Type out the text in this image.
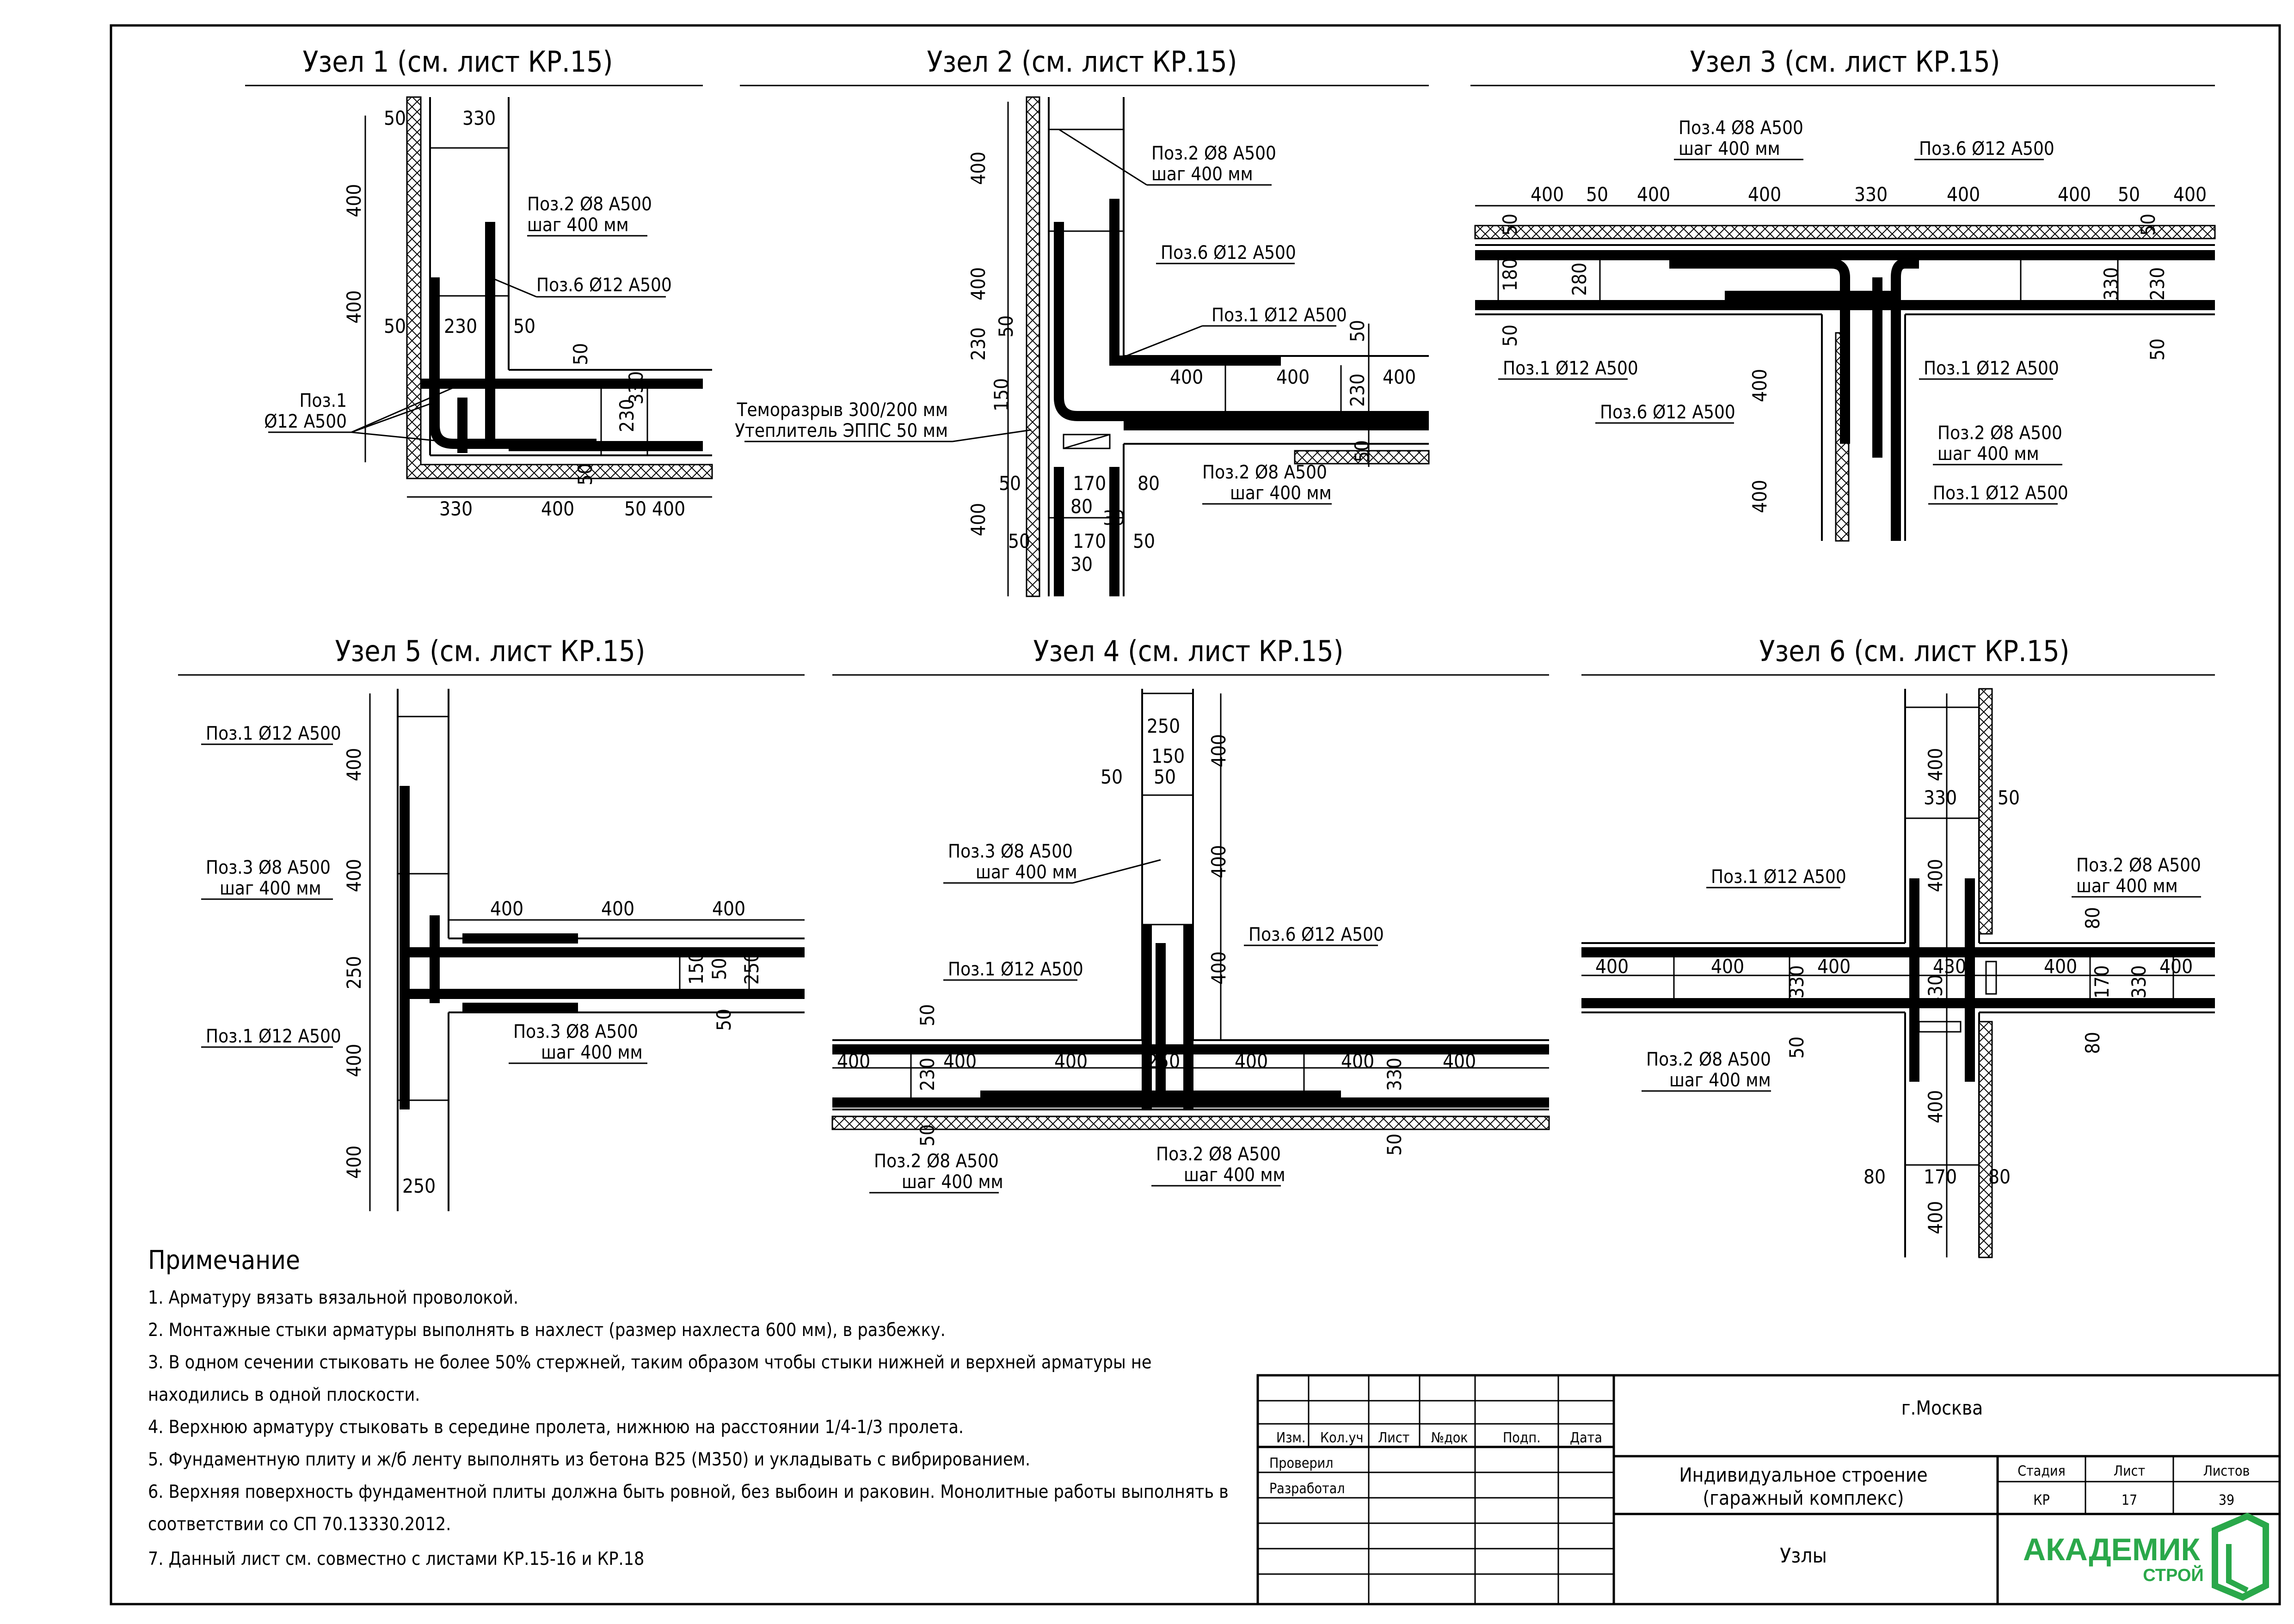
Узел 1 (см. лист КР.15)
50	330
400
400
50 230 50
50
230
330
50
330	400	50 400
Поз.2 Ø8 А500
шаг 400 мм
Поз.6 Ø12 А500
Поз.1
Ø12 А500
Узел 2 (см. лист КР.15)
400
400
230
50
150
50
400
50
170
80
80
30
170 50
30
400	400
50
230 400
50
Поз.2 Ø8 А500
шаг 400 мм
Поз.6 Ø12 А500
Поз.1 Ø12 А500
Теморазрыв 300/200 мм
Утеплитель ЭППС 50 мм
Поз.2 Ø8 А500
шаг 400 мм
Узел 3 (см. лист КР.15)
400 50 400	400	330	400	400 50 400
50
180 280
50
50
330 230
50
400
400
Поз.4 Ø8 А500
шаг 400 мм	Поз.6 Ø12 А500
Поз.1 Ø12 А500
Поз.6 Ø12 А500
Поз.1 Ø12 А500
Поз.2 Ø8 А500
шаг 400 мм
Поз.1 Ø12 А500
Узел 5 (см. лист КР.15)
400
400
250
400
400
250
400	400	400
150 50 250
50
Поз.1 Ø12 А500
Поз.3 Ø8 А500
шаг 400 мм
Поз.1 Ø12 А500	Поз.3 Ø8 А500
шаг 400 мм
Узел 4 (см. лист КР.15)
250
150
50 50
400
400
400
400	400	400	250	400	400	400
50
230
50
330
50
Поз.3 Ø8 А500
шаг 400 мм
Поз.6 Ø12 А500
Поз.1 Ø12 А500
Поз.2 Ø8 А500
шаг 400 мм
Поз.2 Ø8 А500
шаг 400 мм
Узел 6 (см. лист КР.15)
400
330 50
400
400	400	400	430	400	400
330	430	170 330
80
80
50
400
80 170 80
400
Поз.1 Ø12 А500
Поз.2 Ø8 А500
шаг 400 мм
Поз.2 Ø8 А500
шаг 400 мм
Примечание
1. Арматуру вязать вязальной проволокой.
2. Монтажные стыки арматуры выполнять в нахлест (размер нахлеста 600 мм), в разбежку.
3. В одном сечении стыковать не более 50% стержней, таким образом чтобы стыки нижней и верхней арматуры не
находились в одной плоскости.
4. Верхнюю арматуру стыковать в середине пролета, нижнюю на расстоянии 1/4-1/3 пролета.
5. Фундаментную плиту и ж/б ленту выполнять из бетона В25 (М350) и укладывать с вибрированием.
6. Верхняя поверхность фундаментной плиты должна быть ровной, без выбоин и раковин. Монолитные работы выполнять в
соответствии со СП 70.13330.2012.
7. Данный лист см. совместно с листами КР.15-16 и КР.18
Изм. Кол.уч Лист №док	Подп. Дата
Проверил
Разработал
г.Москва
Индивидуальное строение
(гаражный комплекс)
Узлы
Стадия	Лист	Листов
КР	17	39
АКАДЕМИК
СТРОЙ
